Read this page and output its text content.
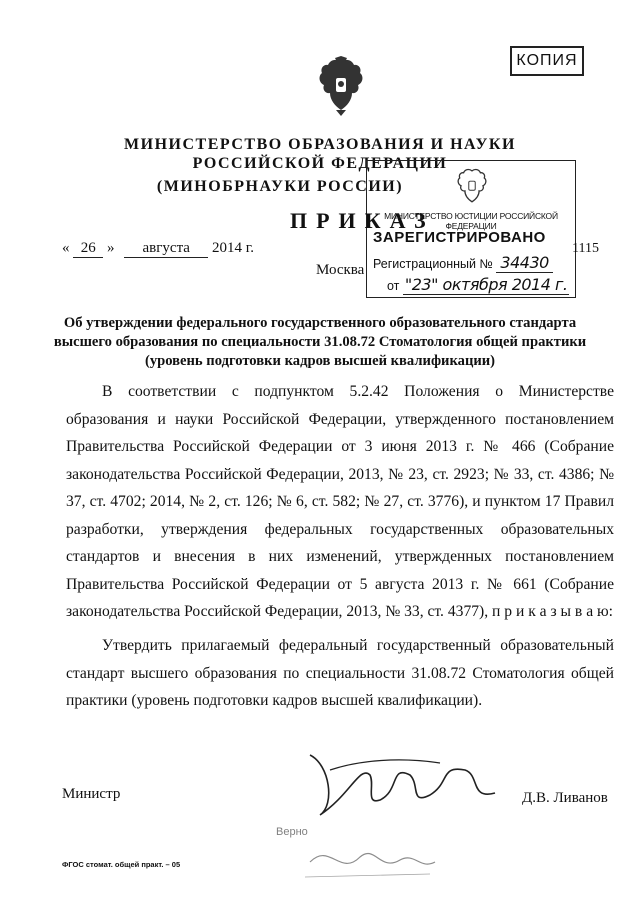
КОПИЯ
МИНИСТЕРСТВО ОБРАЗОВАНИЯ И НАУКИ
РОССИЙСКОЙ ФЕДЕРАЦИИ
(МИНОБРНАУКИ РОССИИ)
МИНИСТЕРСТВО ЮСТИЦИИ РОССИЙСКОЙ ФЕДЕРАЦИИ
ЗАРЕГИСТРИРОВАНО
Регистрационный № 34430
от "23" октября 2014 г.
ПРИКАЗ
« 26 » августа 2014 г.	1115
Москва
Об утверждении федерального государственного образовательного стандарта высшего образования по специальности 31.08.72 Стоматология общей практики (уровень подготовки кадров высшей квалификации)
В соответствии с подпунктом 5.2.42 Положения о Министерстве образования и науки Российской Федерации, утвержденного постановлением Правительства Российской Федерации от 3 июня 2013 г. № 466 (Собрание законодательства Российской Федерации, 2013, № 23, ст. 2923; № 33, ст. 4386; № 37, ст. 4702; 2014, № 2, ст. 126; № 6, ст. 582; № 27, ст. 3776), и пунктом 17 Правил разработки, утверждения федеральных государственных образовательных стандартов и внесения в них изменений, утвержденных постановлением Правительства Российской Федерации от 5 августа 2013 г. № 661 (Собрание законодательства Российской Федерации, 2013, № 33, ст. 4377), п р и к а з ы в а ю:
Утвердить прилагаемый федеральный государственный образовательный стандарт высшего образования по специальности 31.08.72 Стоматология общей практики (уровень подготовки кадров высшей квалификации).
Министр	Д.В. Ливанов
Верно
ФГОС стомат. общей практ. – 05
